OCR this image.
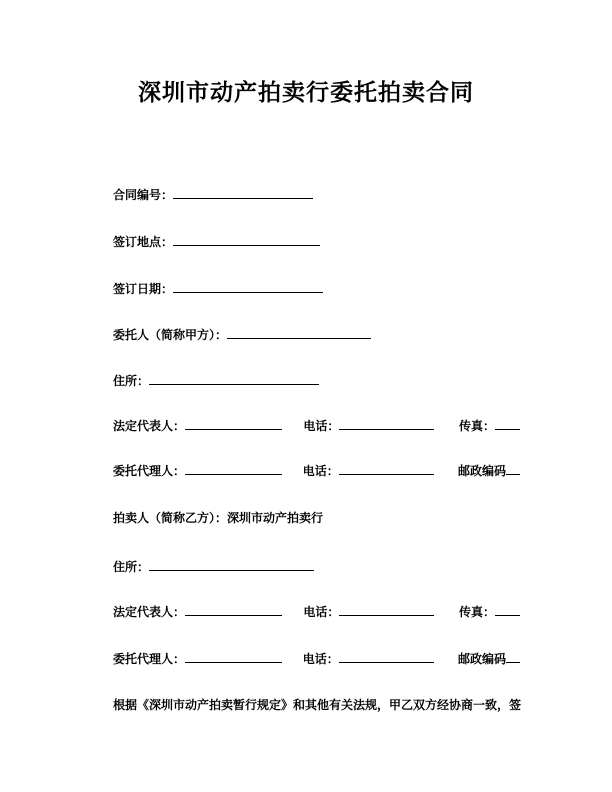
深圳市动产拍卖行委托拍卖合同
合同编号：
签订地点：
签订日期：
委托人（简称甲方）：
住所：
法定代表人：	电话：	传真：
委托代理人：	电话：	邮政编码
拍卖人（简称乙方）：深圳市动产拍卖行
住所：
法定代表人：	电话：	传真：
委托代理人：	电话：	邮政编码
根据《深圳市动产拍卖暂行规定》和其他有关法规，甲乙双方经协商一致，签
